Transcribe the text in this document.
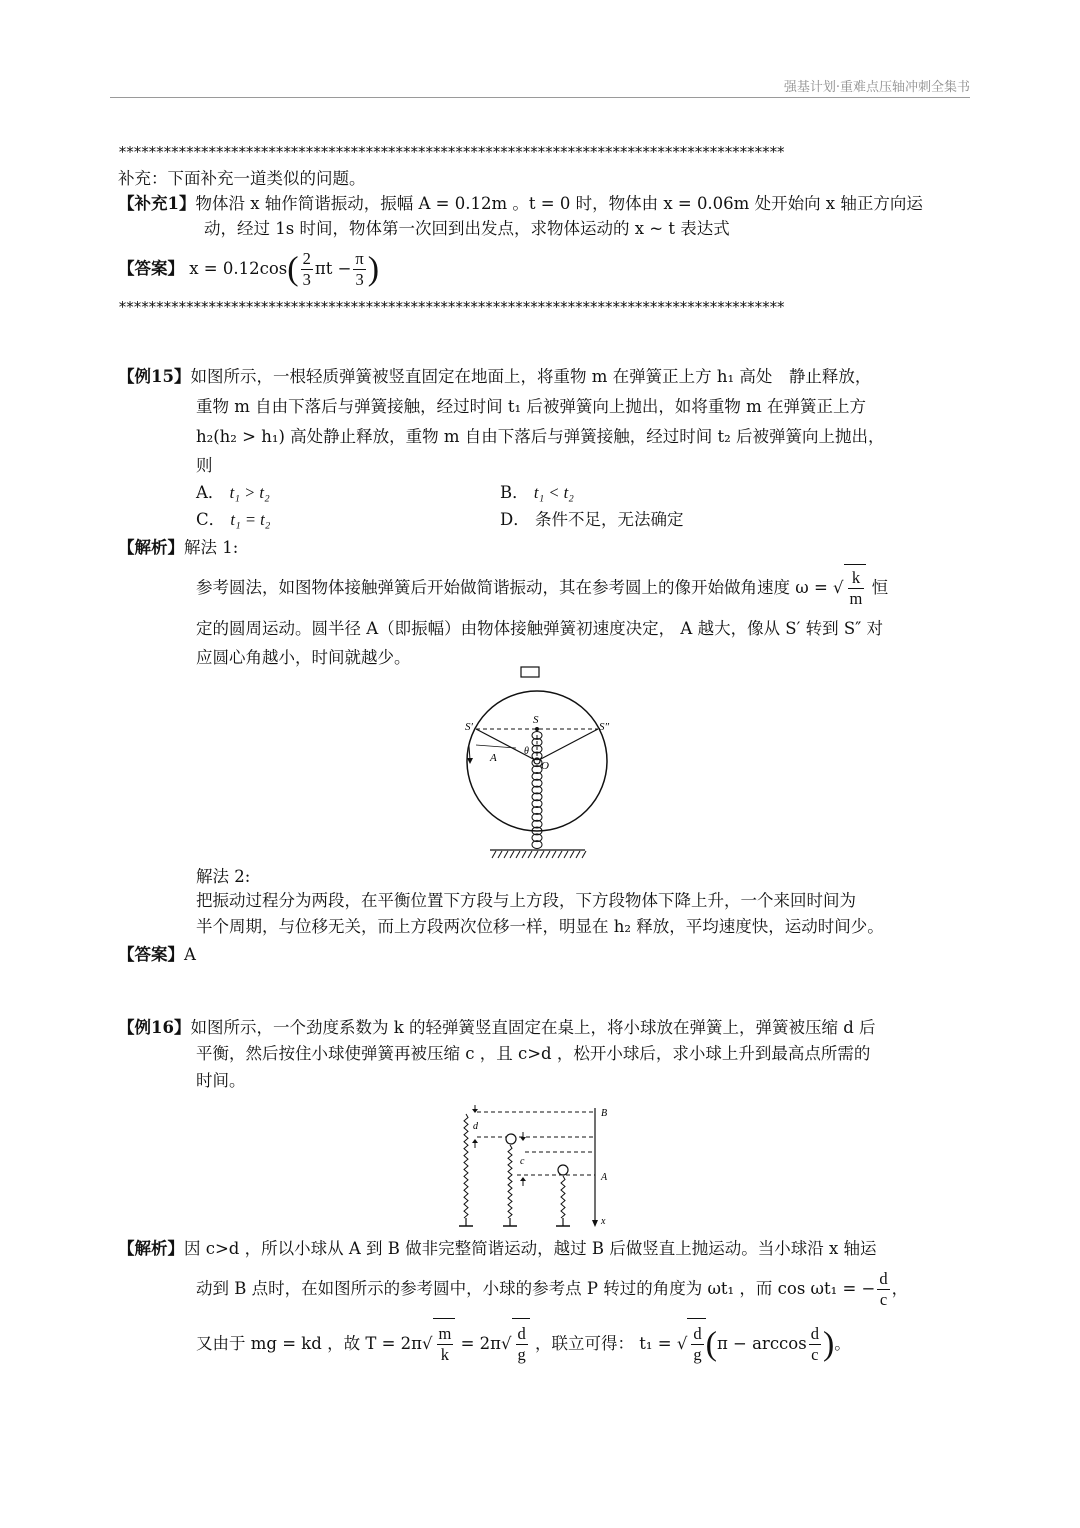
强基计划·重难点压轴冲刺全集书
*****************************************************************************************
补充：下面补充一道类似的问题。
【补充1】物体沿 x 轴作简谐振动，振幅 A = 0.12m 。t = 0 时，物体由 x = 0.06m 处开始向 x 轴正方向运
动，经过 1s 时间，物体第一次回到出发点，求物体运动的 x ~ t 表达式
【答案】 $x = 0.12\cos( \frac{2}{3}$ $\pi t - \frac{\pi}{3}$ )
*****************************************************************************************
【例15】如图所示，一根轻质弹簧被竖直固定在地面上，将重物 m 在弹簧正上方 h₁ 高处　静止释放，
重物 m 自由下落后与弹簧接触，经过时间 t₁ 后被弹簧向上抛出，如将重物 m 在弹簧正上方
h₂(h₂ > h₁) 高处静止释放，重物 m 自由下落后与弹簧接触，经过时间 t₂ 后被弹簧向上抛出，
则
A． t₁ > t₂	B． t₁ < t₂
C． t₁ = t₂	D． 条件不足，无法确定
【解析】解法 1:
参考圆法，如图物体接触弹簧后开始做简谐振动，其在参考圆上的像开始做角速度 ω = √ $\frac{k}{m}$ 恒
定的圆周运动。圆半径 A（即振幅）由物体接触弹簧初速度决定， A 越大，像从 S′ 转到 S″ 对
应圆心角越小，时间就越少。
S′
S
S″
A
θ
O
解法 2:
把振动过程分为两段，在平衡位置下方段与上方段，下方段物体下降上升，一个来回时间为
半个周期，与位移无关，而上方段两次位移一样，明显在 h₂ 释放，平均速度快，运动时间少。
【答案】A
【例16】如图所示，一个劲度系数为 k 的轻弹簧竖直固定在桌上，将小球放在弹簧上，弹簧被压缩 d 后
平衡，然后按住小球使弹簧再被压缩 c ，且 c>d ，松开小球后，求小球上升到最高点所需的
时间。
d
c
B
A
x
【解析】因 c>d ，所以小球从 A 到 B 做非完整简谐运动，越过 B 后做竖直上抛运动。当小球沿 x 轴运
动到 B 点时，在如图所示的参考圆中，小球的参考点 P 转过的角度为 ωt₁ ，而 cos ωt₁ = − $\frac{d}{c}$ ，
又由于 mg = kd ，故 $T = 2\pi√ \frac{m}{k} = 2\pi√ \frac{d}{g}$ ，联立可得： t₁ = √ $\frac{d}{g} (\pi - \arccos \frac{d}{c}$ )。
